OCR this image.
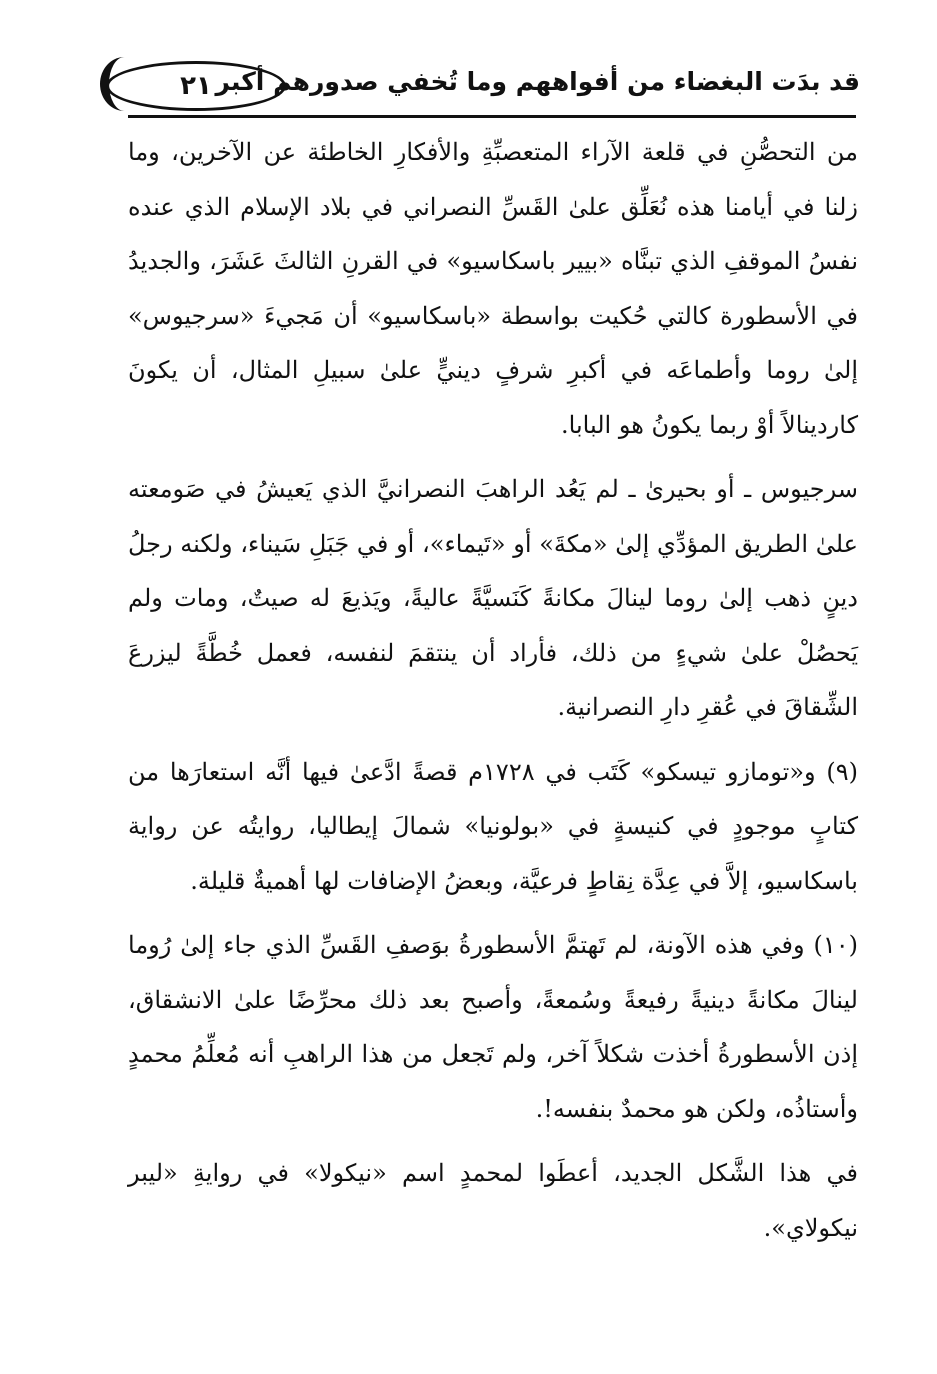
٢١ قد بدَت البغضاء من أفواههم وما تُخفي صدورهم أكبر

من التحصُّنِ في قلعة الآراء المتعصبِّةِ والأفكارِ الخاطئة عن الآخرين، وما زلنا في أيامنا هذه نُعَلِّق علىٰ القَسِّ النصراني في بلاد الإسلام الذي عنده نفسُ الموقفِ الذي تبنَّاه «بيير باسكاسيو» في القرنِ الثالثَ عَشَرَ، والجديدُ في الأسطورة كالتي حُكيت بواسطة «باسكاسيو» أن مَجيءَ «سرجيوس» إلىٰ روما وأطماعَه في أكبرِ شرفٍ دينيٍّ علىٰ سبيلِ المثال، أن يكونَ كاردينالاً أوْ ربما يكونُ هو البابا.

سرجيوس ـ أو بحيرىٰ ـ لم يَعُد الراهبَ النصرانيَّ الذي يَعيشُ في صَومعته علىٰ الطريق المؤدِّي إلىٰ «مكةَ» أو «تَيماء»، أو في جَبَلِ سَيناء، ولكنه رجلُ دينٍ ذهب إلىٰ روما لينالَ مكانةً كَنَسيَّةً عاليةً، ويَذيعَ له صيتٌ، ومات ولم يَحصُلْ علىٰ شيءٍ من ذلك، فأراد أن ينتقمَ لنفسه، فعمل خُطَّةً ليزرعَ الشِّقاقَ في عُقرِ دارِ النصرانية.

(٩) و«تومازو تيسكو» كَتَب في ١٧٢٨م قصةً ادَّعىٰ فيها أنَّه استعارَها من كتابٍ موجودٍ في كنيسةٍ في «بولونيا» شمالَ إيطاليا، روايتُه عن رواية باسكاسيو، إلاَّ في عِدَّة نِقاطٍ فرعيَّة، وبعضُ الإضافات لها أهميةٌ قليلة.

(١٠) وفي هذه الآونة، لم تَهتمَّ الأسطورةُ بوَصفِ القَسِّ الذي جاء إلىٰ رُوما لينالَ مكانةً دينيةً رفيعةً وسُمعةً، وأصبح بعد ذلك محرِّضًا علىٰ الانشقاق، إذن الأسطورةُ أخذت شكلاً آخر، ولم تَجعل من هذا الراهبِ أنه مُعلِّمُ محمدٍ وأستاذُه، ولكن هو محمدٌ بنفسه!.

في هذا الشَّكل الجديد، أعطَوا لمحمدٍ اسم «نيكولا» في روايةِ «ليبر نيكولاي».
